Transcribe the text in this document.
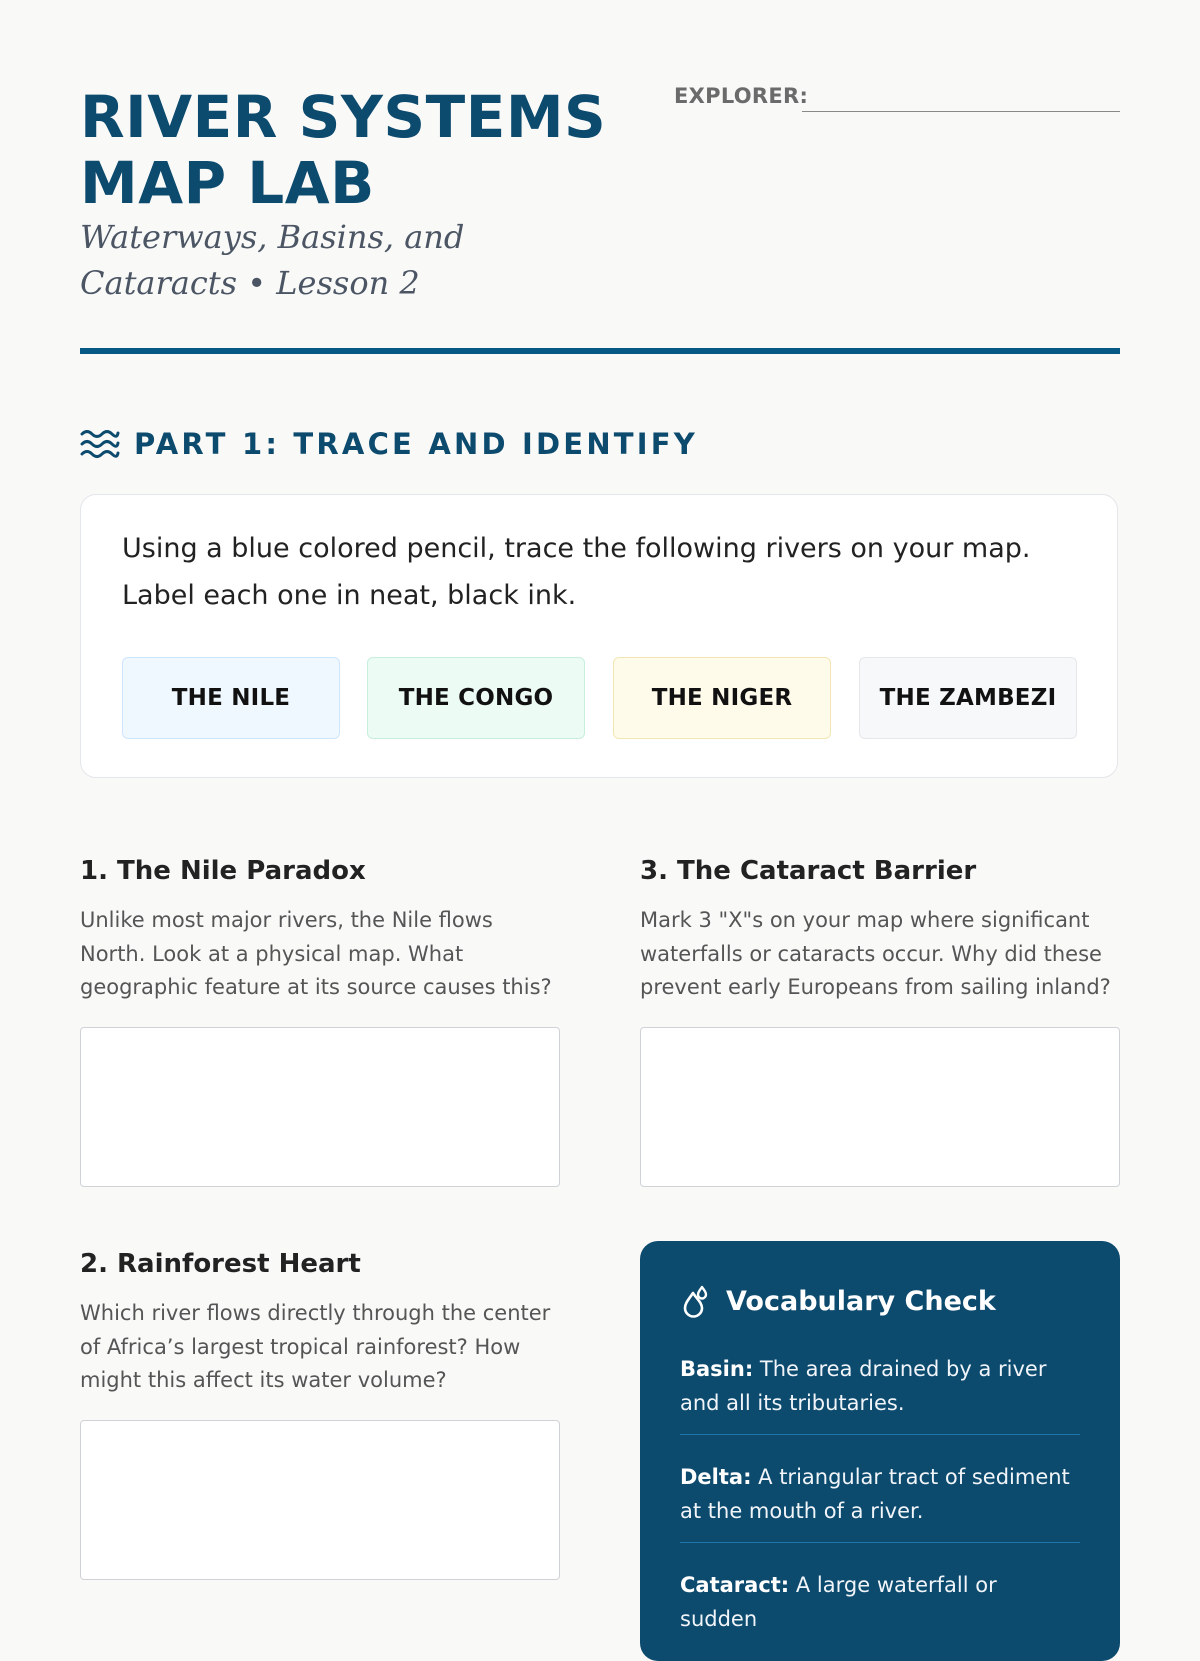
RIVER SYSTEMS MAP LAB

Waterways, Basins, and Cataracts • Lesson 2

EXPLORER:
PART 1: TRACE AND IDENTIFY

Using a blue colored pencil, trace the following rivers on your map. Label each one in neat, black ink.

THE NILE	THE CONGO	THE NIGER	THE ZAMBEZI
1. The Nile Paradox

Unlike most major rivers, the Nile flows North. Look at a physical map. What geographic feature at its source causes this?

3. The Cataract Barrier

Mark 3 "X"s on your map where significant waterfalls or cataracts occur. Why did these prevent early Europeans from sailing inland?

2. Rainforest Heart

Which river flows directly through the center of Africa’s largest tropical rainforest? How might this affect its water volume?

Vocabulary Check

Basin: The area drained by a river and all its tributaries.

Delta: A triangular tract of sediment at the mouth of a river.

Cataract: A large waterfall or sudden
